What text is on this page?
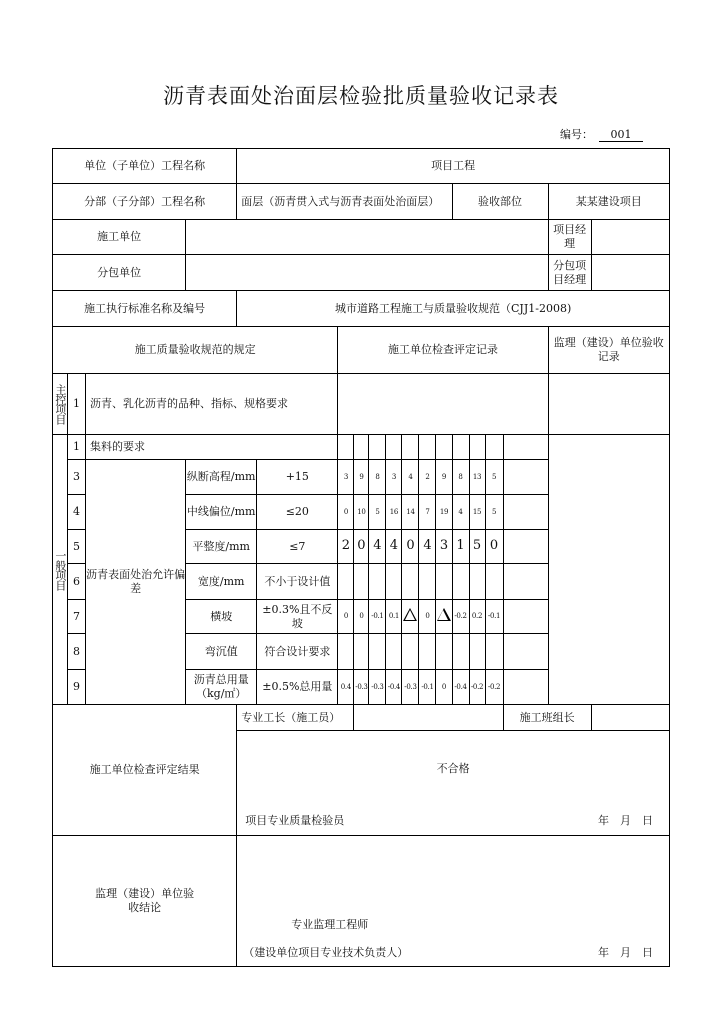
沥青表面处治面层检验批质量验收记录表
编号： 001
单位（子单位）工程名称				项目工程														
分部（子分部）工程名称				面层（沥青贯入式与沥青表面处治面层）									验收部位				某某建设项目	
施工单位																	项目经理	
分包单位																	分包项目经理	
施工执行标准名称及编号				城市道路工程施工与质量验收规范（CJJ1-2008)														
施工质量验收规范的规定						施工单位检查评定记录											监理（建设）单位验收记录	
主控项目	1	沥青、乳化沥青的品种、指标、规格要求																
一般项目	1	集料的要求																
	3	沥青表面处治允许偏差	纵断高程/mm		+15	3	9	8	3	4	2	9	8	13	5			
	4		中线偏位/mm		≤20	0	10	5	16	14	7	19	4	15	5			
	5		平整度/mm		≤7	2	0	4	4	0	4	3	1	5	0			
	6		宽度/mm		不小于设计值													
	7		横坡		±0.3%且不反坡	0	0	-0.1	0.1		0		-0.2	0.2	-0.1			
	8		弯沉值		符合设计要求													
	9		沥青总用量（kg/㎡）		±0.5%总用量	0.4	-0.3	-0.3	-0.4	-0.3	-0.1	0	-0.4	-0.2	-0.2			
施工单位检查评定结果				专业工长（施工员）												施工班组长		
				不合格														

				项目专业质量检验员 年　月　日														

监理（建设）单位验收结论				专业监理工程师
（建设单位项目专业技术负责人） 年　月　日														
